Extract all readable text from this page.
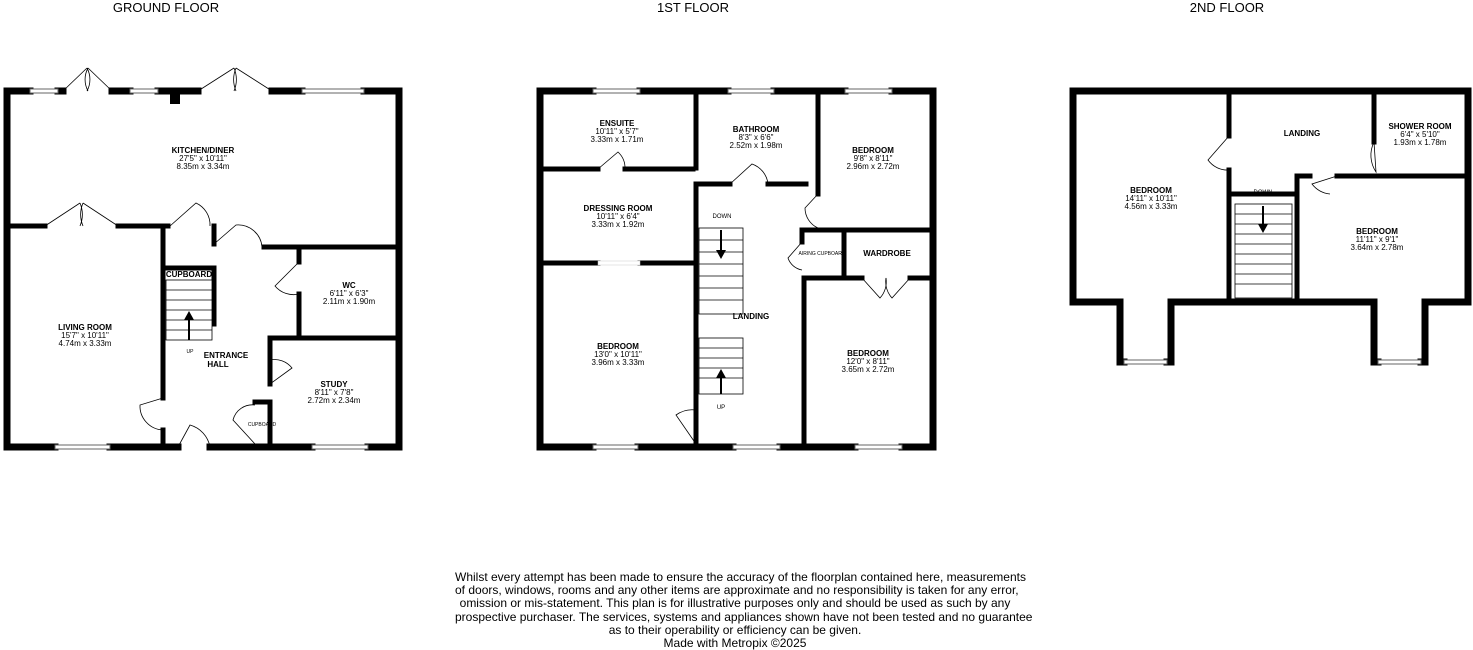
GROUND FLOOR
KITCHEN/DINER
27'5" x 10'11"
8.35m x 3.34m
LIVING ROOM
15'7" x 10'11"
4.74m x 3.33m
WC
6'11" x 6'3"
2.11m x 1.90m
STUDY
8'11" x 7'8"
2.72m x 2.34m
ENTRANCE
HALL
CUPBOARD
CUPBOARD
UP
1ST FLOOR
ENSUITE
10'11" x 5'7"
3.33m x 1.71m
BATHROOM
8'3" x 6'6"
2.52m x 1.98m
BEDROOM
9'8" x 8'11"
2.96m x 2.72m
DRESSING ROOM
10'11" x 6'4"
3.33m x 1.92m
BEDROOM
13'0" x 10'11"
3.96m x 3.33m
BEDROOM
12'0" x 8'11"
3.65m x 2.72m
WARDROBE
AIRING CUPBOARD
LANDING
DOWN
UP
2ND FLOOR
BEDROOM
14'11" x 10'11"
4.56m x 3.33m
LANDING
SHOWER ROOM
6'4" x 5'10"
1.93m x 1.78m
BEDROOM
11'11" x 9'1"
3.64m x 2.78m
DOWN
Whilst every attempt has been made to ensure the accuracy of the floorplan contained here, measurements
of doors, windows, rooms and any other items are approximate and no responsibility is taken for any error,
omission or mis-statement. This plan is for illustrative purposes only and should be used as such by any
prospective purchaser. The services, systems and appliances shown have not been tested and no guarantee
as to their operability or efficiency can be given.
Made with Metropix ©2025
